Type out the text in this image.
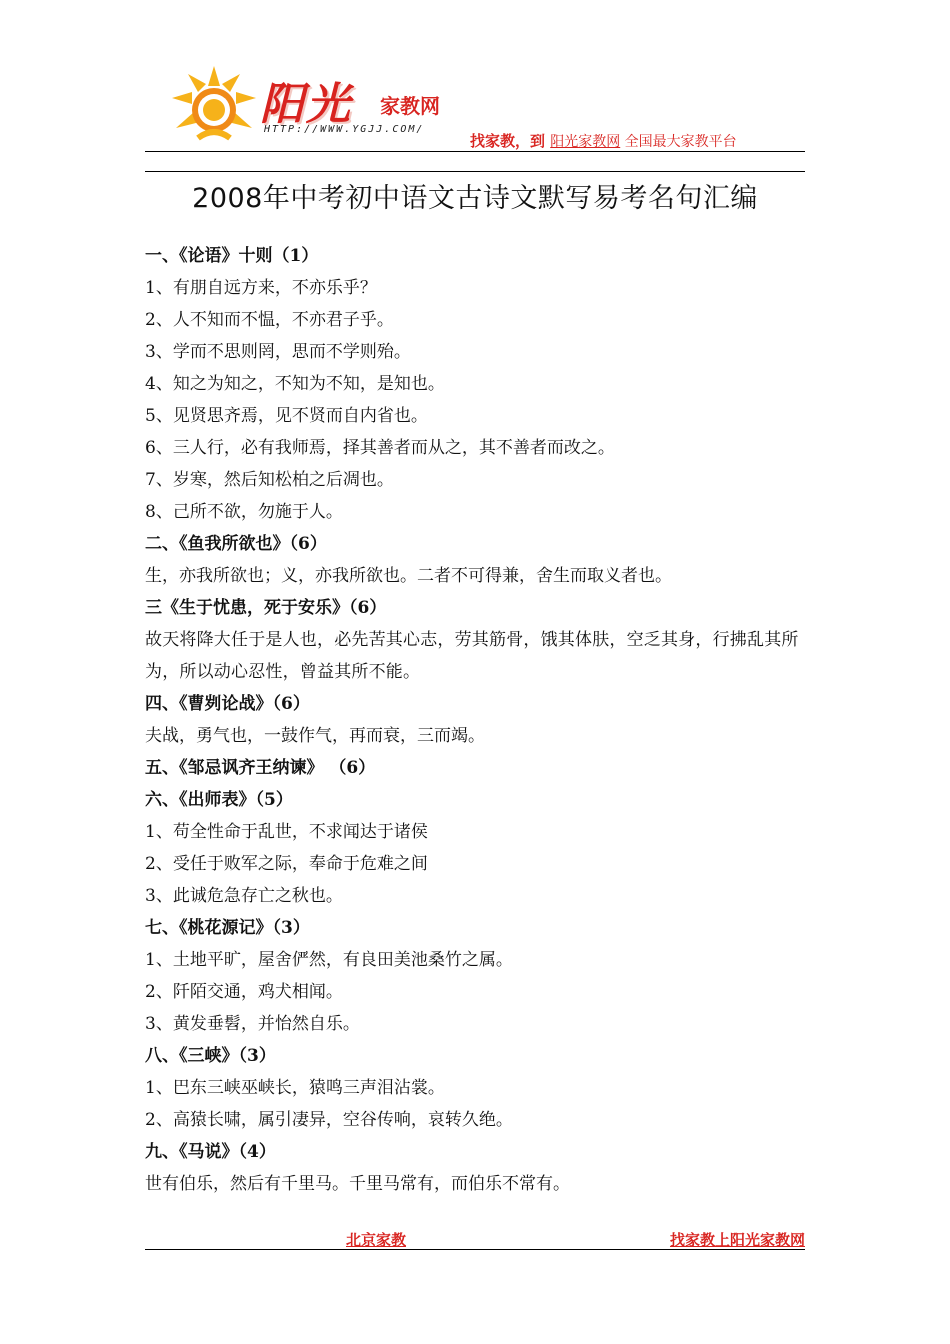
阳光 家教网
HTTP://WWW.YGJJ.COM/
找家教，到 阳光家教网 全国最大家教平台
2008年中考初中语文古诗文默写易考名句汇编
一、《论语》十则（1）
1、有朋自远方来，不亦乐乎？
2、人不知而不愠，不亦君子乎。
3、学而不思则罔，思而不学则殆。
4、知之为知之，不知为不知，是知也。
5、见贤思齐焉，见不贤而自内省也。
6、三人行，必有我师焉，择其善者而从之，其不善者而改之。
7、岁寒，然后知松柏之后凋也。
8、己所不欲，勿施于人。
二、《鱼我所欲也》（6）
生，亦我所欲也；义，亦我所欲也。二者不可得兼，舍生而取义者也。
三《生于忧患，死于安乐》（6）
故天将降大任于是人也，必先苦其心志，劳其筋骨，饿其体肤，空乏其身，行拂乱其所为，所以动心忍性，曾益其所不能。
四、《曹刿论战》（6）
夫战，勇气也，一鼓作气，再而衰，三而竭。
五、《邹忌讽齐王纳谏》 （6）
六、《出师表》（5）
1、苟全性命于乱世，不求闻达于诸侯
2、受任于败军之际，奉命于危难之间
3、此诚危急存亡之秋也。
七、《桃花源记》（3）
1、土地平旷，屋舍俨然，有良田美池桑竹之属。
2、阡陌交通，鸡犬相闻。
3、黄发垂髫，并怡然自乐。
八、《三峡》（3）
1、巴东三峡巫峡长，猿鸣三声泪沾裳。
2、高猿长啸，属引凄异，空谷传响，哀转久绝。
九、《马说》（4）
世有伯乐，然后有千里马。千里马常有，而伯乐不常有。
北京家教	找家教上阳光家教网
